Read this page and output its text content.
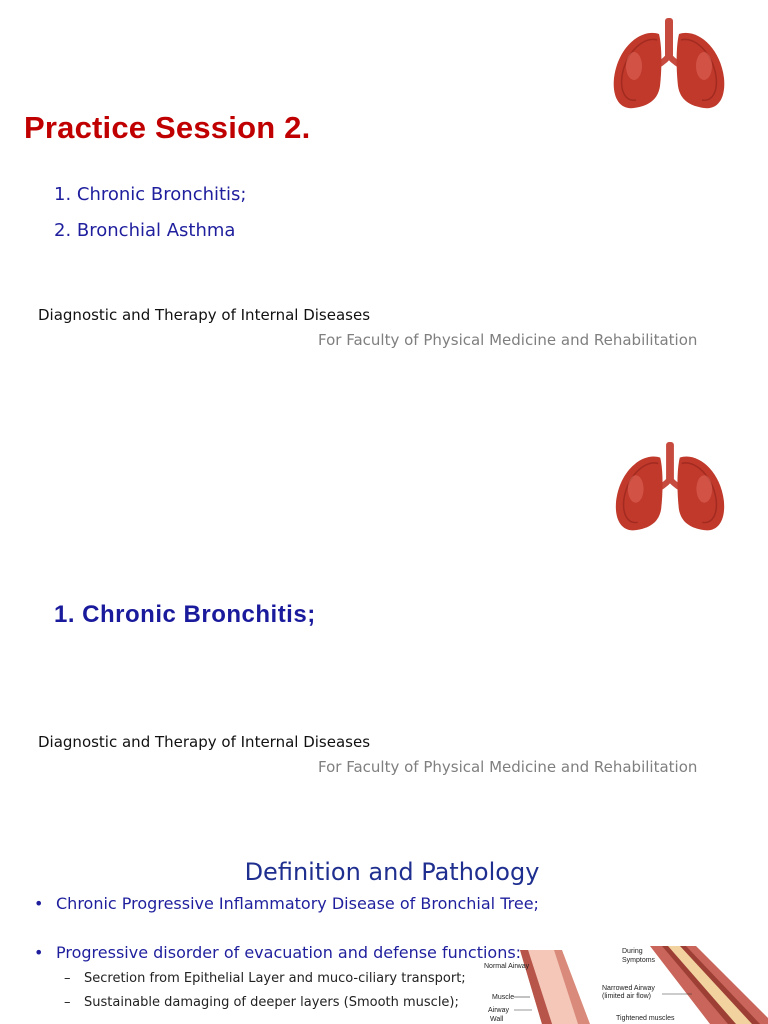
Practice Session 2.
1. Chronic Bronchitis;
2. Bronchial Asthma
Diagnostic and Therapy of Internal Diseases
For Faculty of Physical Medicine and Rehabilitation
1. Chronic Bronchitis;
Diagnostic and Therapy of Internal Diseases
For Faculty of Physical Medicine and Rehabilitation
Definition and Pathology
• Chronic Progressive Inflammatory Disease of Bronchial Tree;
• Progressive disorder of evacuation and defense functions:
– Secretion from Epithelial Layer and muco-ciliary transport;
– Sustainable damaging of deeper layers (Smooth muscle);
Normal Airway
Muscle
Airway
Wall
During
Symptoms
Narrowed Airway
(limited air flow)
Tightened muscles
